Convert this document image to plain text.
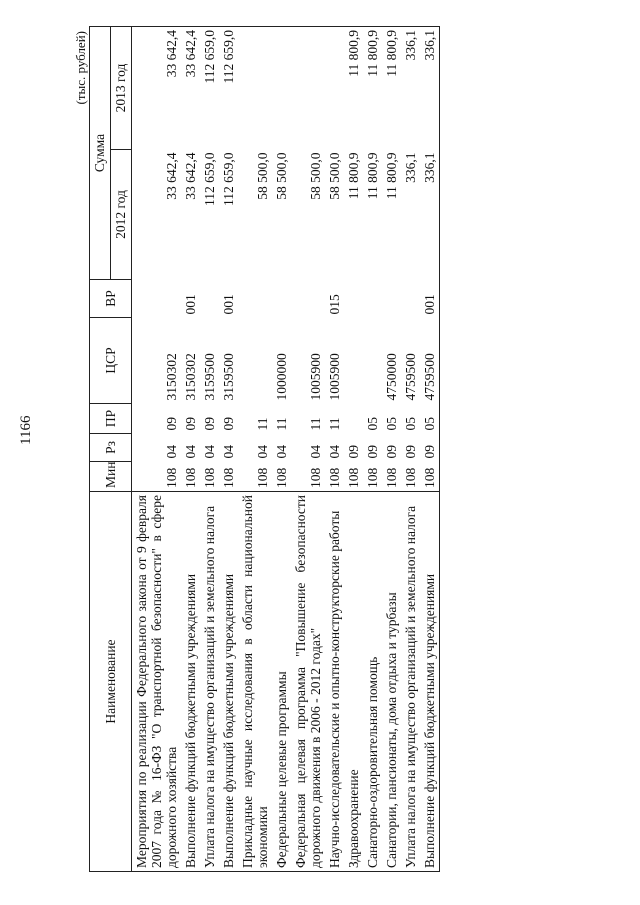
1166
(тыс. рублей)
Наименование	Мин	Рз	ПР	ЦСР	ВР	Сумма	
						2012 год	2013 год
Мероприятия по реализации Федерального закона от 9 февраля 2007 года № 16-ФЗ "О транспортной безопасности" в сфере дорожного хозяйства	108	04	09	3150302		33 642,4	33 642,4
Выполнение функций бюджетными учреждениями	108	04	09	3150302	001	33 642,4	33 642,4
Уплата налога на имущество организаций и земельного налога	108	04	09	3159500		112 659,0	112 659,0
Выполнение функций бюджетными учреждениями	108	04	09	3159500	001	112 659,0	112 659,0
Прикладные научные исследования в области национальной экономики	108	04	11			58 500,0	
Федеральные целевые программы	108	04	11	1000000		58 500,0	
Федеральная целевая программа "Повышение безопасности дорожного движения в 2006 - 2012 годах"	108	04	11	1005900		58 500,0	
Научно-исследовательские и опытно-конструкторские работы	108	04	11	1005900	015	58 500,0	
Здравоохранение	108	09				11 800,9	11 800,9
Санаторно-оздоровительная помощь	108	09	05			11 800,9	11 800,9
Санатории, пансионаты, дома отдыха и турбазы	108	09	05	4750000		11 800,9	11 800,9
Уплата налога на имущество организаций и земельного налога	108	09	05	4759500		336,1	336,1
Выполнение функций бюджетными учреждениями	108	09	05	4759500	001	336,1	336,1
